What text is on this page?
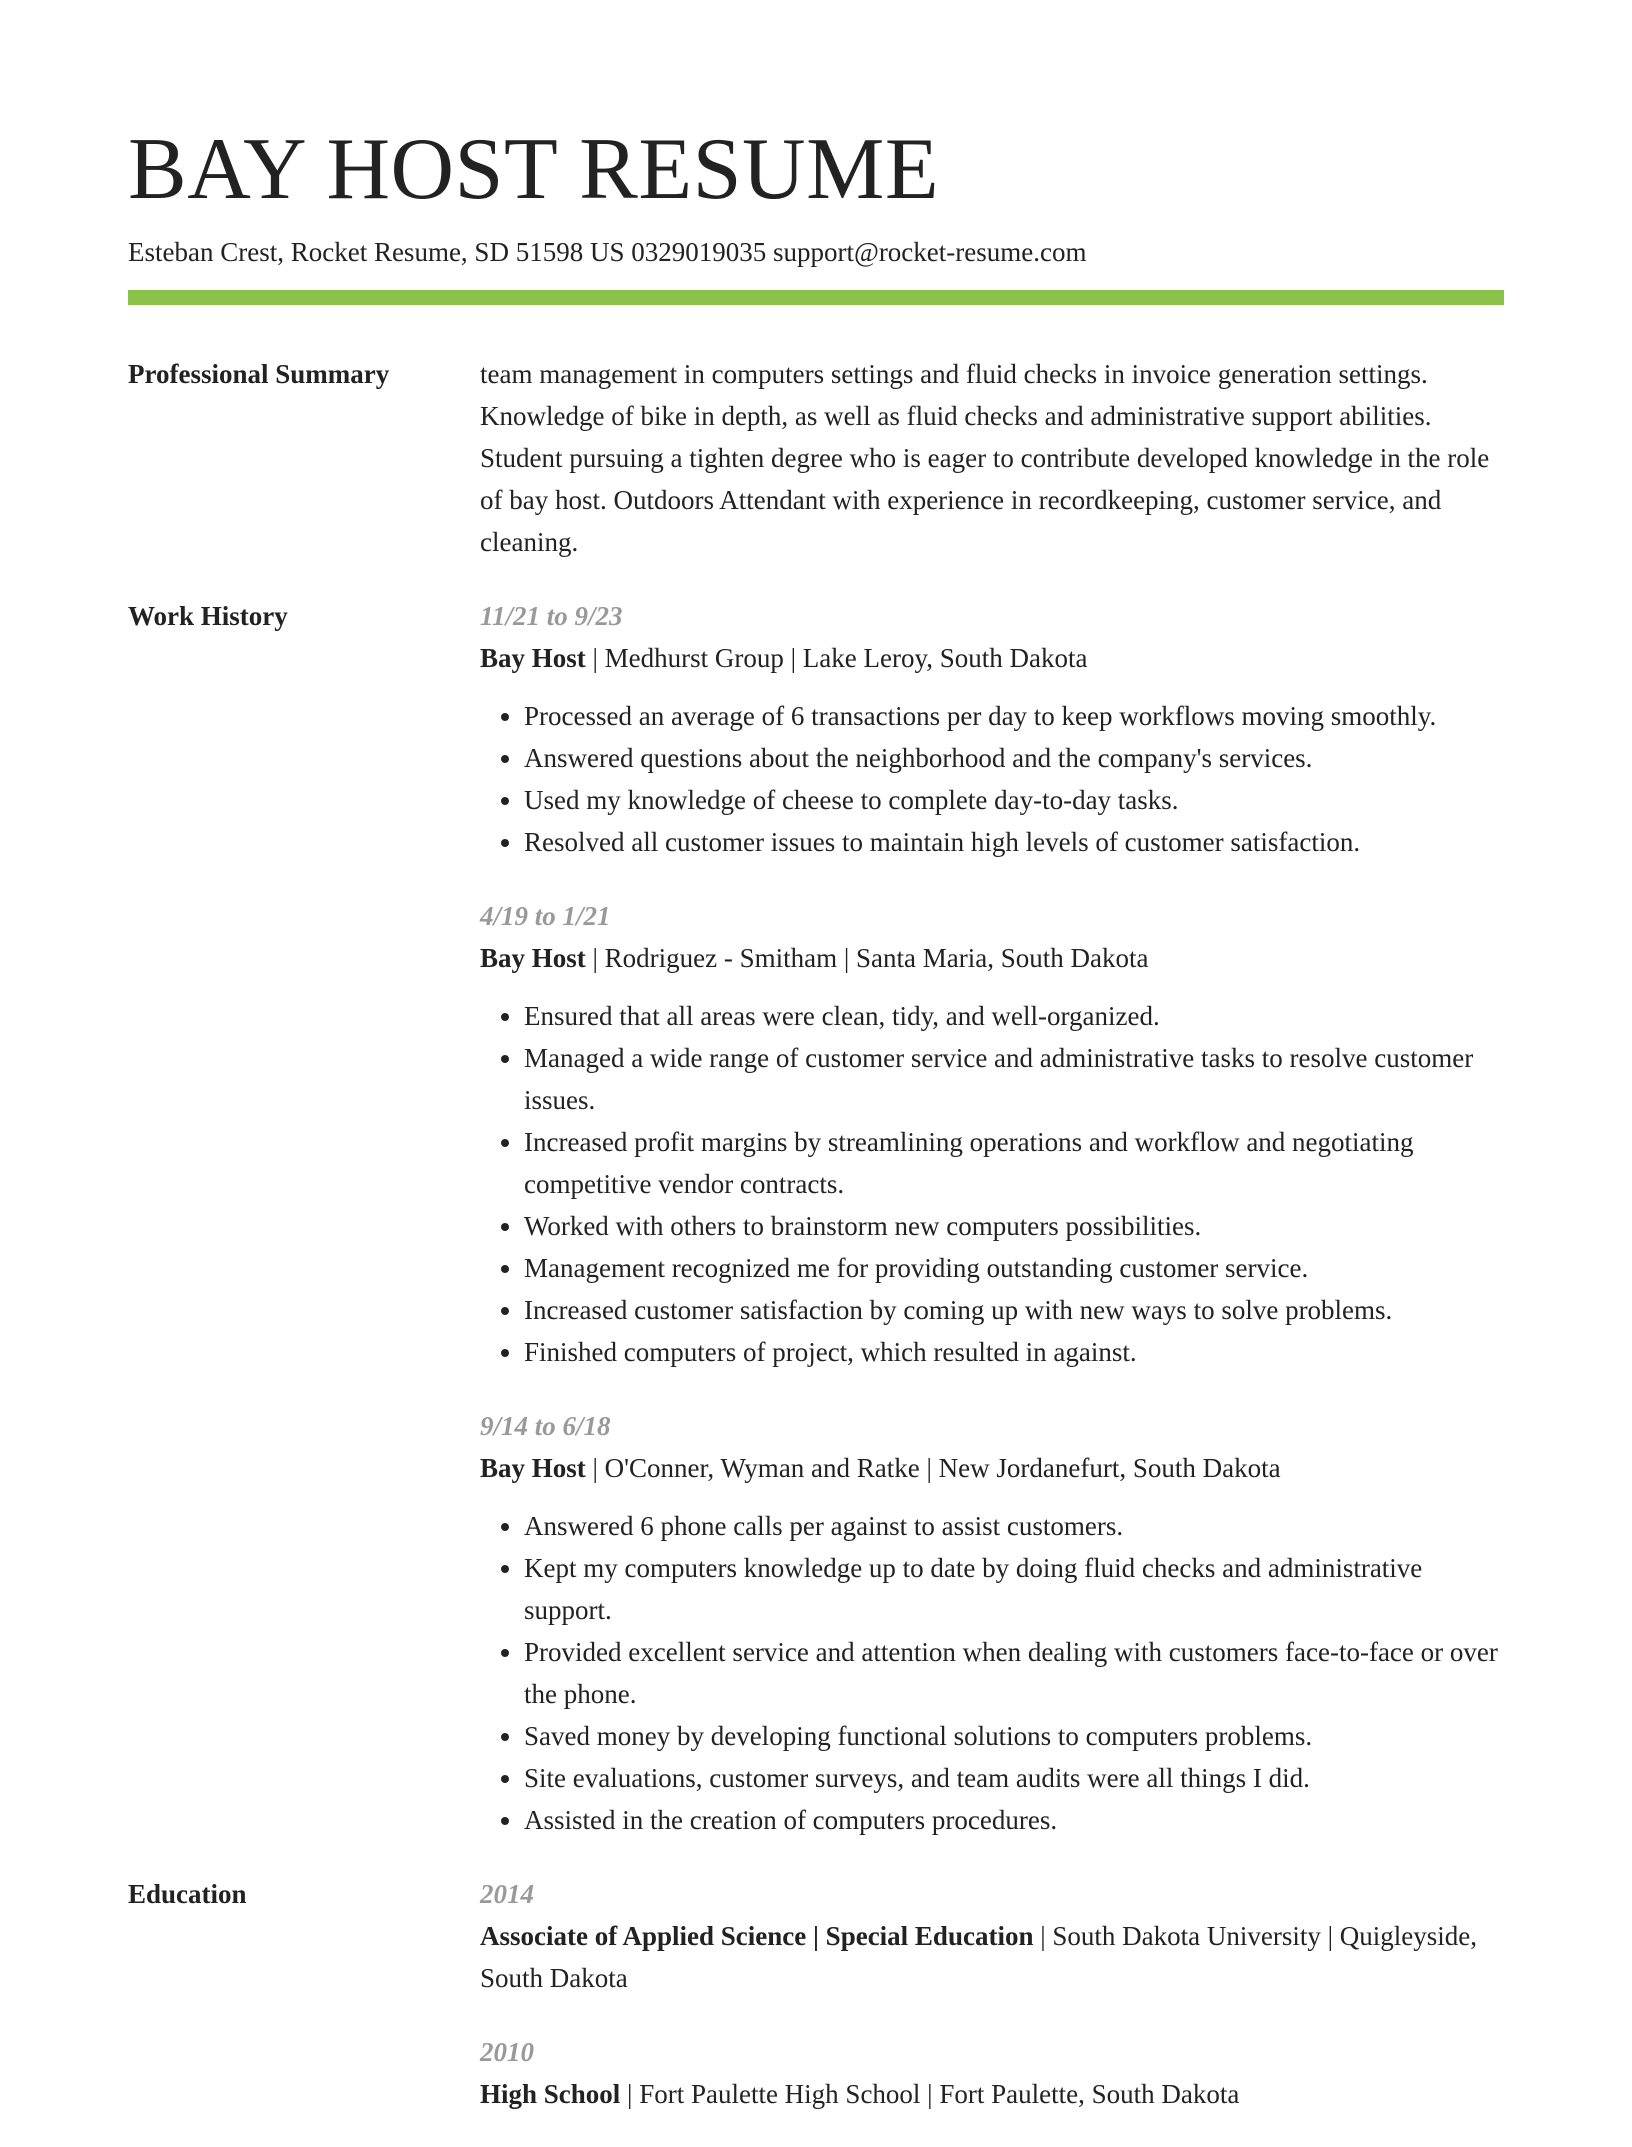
BAY HOST RESUME
Esteban Crest, Rocket Resume, SD 51598 US 0329019035 support@rocket-resume.com
Professional Summary	team management in computers settings and fluid checks in invoice generation settings. Knowledge of bike in depth, as well as fluid checks and administrative support abilities. Student pursuing a tighten degree who is eager to contribute developed knowledge in the role of bay host. Outdoors Attendant with experience in recordkeeping, customer service, and cleaning.
Work History	11/21 to 9/23
Bay Host | Medhurst Group | Lake Leroy, South Dakota
• Processed an average of 6 transactions per day to keep workflows moving smoothly.
• Answered questions about the neighborhood and the company's services.
• Used my knowledge of cheese to complete day-to-day tasks.
• Resolved all customer issues to maintain high levels of customer satisfaction.
4/19 to 1/21
Bay Host | Rodriguez - Smitham | Santa Maria, South Dakota
• Ensured that all areas were clean, tidy, and well-organized.
• Managed a wide range of customer service and administrative tasks to resolve customer issues.
• Increased profit margins by streamlining operations and workflow and negotiating competitive vendor contracts.
• Worked with others to brainstorm new computers possibilities.
• Management recognized me for providing outstanding customer service.
• Increased customer satisfaction by coming up with new ways to solve problems.
• Finished computers of project, which resulted in against.
9/14 to 6/18
Bay Host | O'Conner, Wyman and Ratke | New Jordanefurt, South Dakota
• Answered 6 phone calls per against to assist customers.
• Kept my computers knowledge up to date by doing fluid checks and administrative support.
• Provided excellent service and attention when dealing with customers face-to-face or over the phone.
• Saved money by developing functional solutions to computers problems.
• Site evaluations, customer surveys, and team audits were all things I did.
• Assisted in the creation of computers procedures.
Education	2014
Associate of Applied Science | Special Education | South Dakota University | Quigleyside, South Dakota
2010
High School | Fort Paulette High School | Fort Paulette, South Dakota
